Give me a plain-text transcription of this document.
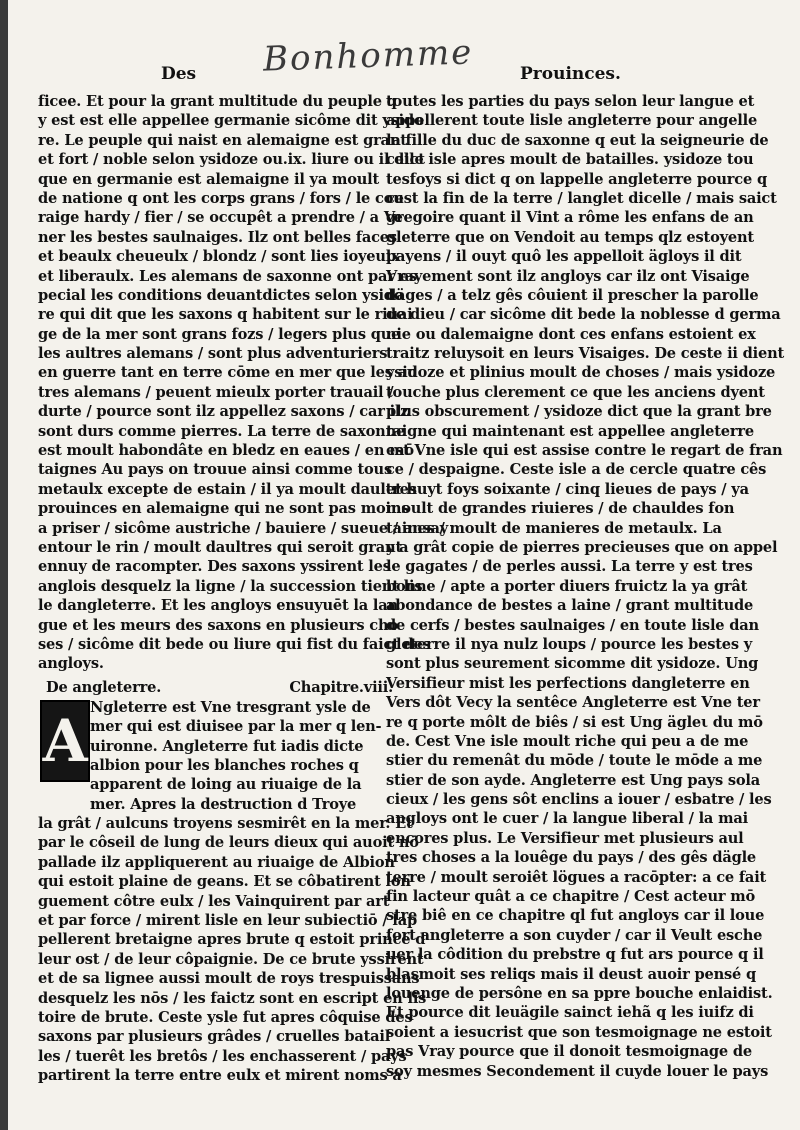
Bonhomme
Des	Prouinces.
ficee. Et pour la grant multitude du peuple q
y est est elle appellee germanie sicôme dit ysido
re. Le peuple qui naist en alemaigne est grant
et fort / noble selon ysidoze ou.ix. liure ou il dict
que en germanie est alemaigne il ya moult
de natione q ont les corps grans / fors / le cou
raige hardy / fier / se occupêt a prendre / a Ve
ner les bestes saulnaiges. Ilz ont belles faces
et beaulx cheueulx / blondz / sont lies ioyeulx
et liberaulx. Les alemans de saxonne ont par es
pecial les conditions deuantdictes selon ysido
re qui dit que les saxons q habitent sur le riuai
ge de la mer sont grans fozs / legers plus que
les aultres alemans / sont plus adventuriers
en guerre tant en terre cōme en mer que les au
tres alemans / peuent mieulx porter trauail /
durte / pource sont ilz appellez saxons / car ilz
sont durs comme pierres. La terre de saxonne
est moult habondâte en bledz en eaues / en mō
taignes Au pays on trouue ainsi comme tous
metaulx excepte de estain / il ya moult daultres
prouinces en alemaigne qui ne sont pas moins
a priser / sicôme austriche / bauiere / sueue / ansay
entour le rin / moult daultres qui seroit grant
ennuy de racompter. Des saxons yssirent les
anglois desquelz la ligne / la succession tient lis
le dangleterre. Et les angloys ensuyuēt la lan
gue et les meurs des saxons en plusieurs cho
ses / sicôme dit bede ou liure qui fist du faict des
angloys.
De angleterre.	Chapitre.viii.
A Ngleterre est Vne tresgrant ysle de
mer qui est diuisee par la mer q len-
uironne. Angleterre fut iadis dicte
albion pour les blanches roches q
apparent de loing au riuaige de la
mer. Apres la destruction d Troye
la grât / aulcuns troyens sesmirêt en la mer. Et
par le côseil de lung de leurs dieux qui auoit nō
pallade ilz appliquerent au riuaige de Albion
qui estoit plaine de geans. Et se côbatirent lon
guement côtre eulx / les Vainquirent par art
et par force / mirent lisle en leur subiectiō / lap
pellerent bretaigne apres brute q estoit prince d
leur ost / de leur côpaignie. De ce brute yssirent
et de sa lignee aussi moult de roys trespuissans
desquelz les nōs / les faictz sont en escript en lis
toire de brute. Ceste ysle fut apres côquise des
saxons par plusieurs grâdes / cruelles batail
les / tuerêt les bretôs / les enchasserent / pays
partirent la terre entre eulx et mirent noms a
toutes les parties du pays selon leur langue et
appellerent toute lisle angleterre pour angelle
la fille du duc de saxonne q eut la seigneurie de
celle isle apres moult de batailles. ysidoze tou
tesfoys si dict q on lappelle angleterre pource q
cest la fin de la terre / langlet dicelle / mais saict
gregoire quant il Vint a rôme les enfans de an
gleterre que on Vendoit au temps qlz estoyent
payens / il ouyt quô les appelloit ägloys il dit
Vrayement sont ilz angloys car ilz ont Visaige
däges / a telz gês côuient il prescher la parolle
de dieu / car sicôme dit bede la noblesse d germa
nie ou dalemaigne dont ces enfans estoient ex
traitz reluysoit en leurs Visaiges. De ceste ii dient
ysidoze et plinius moult de choses / mais ysidoze
touche plus clerement ce que les anciens dyent
plus obscurement / ysidoze dict que la grant bre
taigne qui maintenant est appellee angleterre
est Vne isle qui est assise contre le regart de fran
ce / despaigne. Ceste isle a de cercle quatre cês
et huyt foys soixante / cinq lieues de pays / ya
moult de grandes riuieres / de chauldes fon
taines / moult de manieres de metaulx. La
y a grât copie de pierres precieuses que on appel
le gagates / de perles aussi. La terre y est tres
bonne / apte a porter diuers fruictz la ya grât
abondance de bestes a laine / grant multitude
de cerfs / bestes saulnaiges / en toute lisle dan
gleterre il nya nulz loups / pource les bestes y
sont plus seurement sicomme dit ysidoze. Ung
Versifieur mist les perfections dangleterre en
Vers dôt Vecy la sentêce Angleterre est Vne ter
re q porte môlt de biês / si est Ung ägleι du mō
de. Cest Vne isle moult riche qui peu a de me
stier du remenât du mōde / toute le mōde a me
stier de son ayde. Angleterre est Ung pays sola
cieux / les gens sôt enclins a iouer / esbatre / les
angloys ont le cuer / la langue liberal / la mai
encores plus. Le Versifieur met plusieurs aul
tres choses a la louêge du pays / des gês dägle
terre / moult seroiêt lögues a racōpter: a ce fait
fin lacteur quât a ce chapitre / Cest acteur mō
stre biê en ce chapitre ql fut angloys car il loue
fort angleterre a son cuyder / car il Veult esche
uer la côdition du prebstre q fut ars pource q il
blasmoit ses reliqs mais il deust auoir pensé q
louenge de persône en sa ppre bouche enlaidist.
Et pource dit leuägile sainct iehã q les iuifz di
soient a iesucrist que son tesmoignage ne estoit
pas Vray pource que il donoit tesmoignage de
soy mesmes Secondement il cuyde louer le pays
